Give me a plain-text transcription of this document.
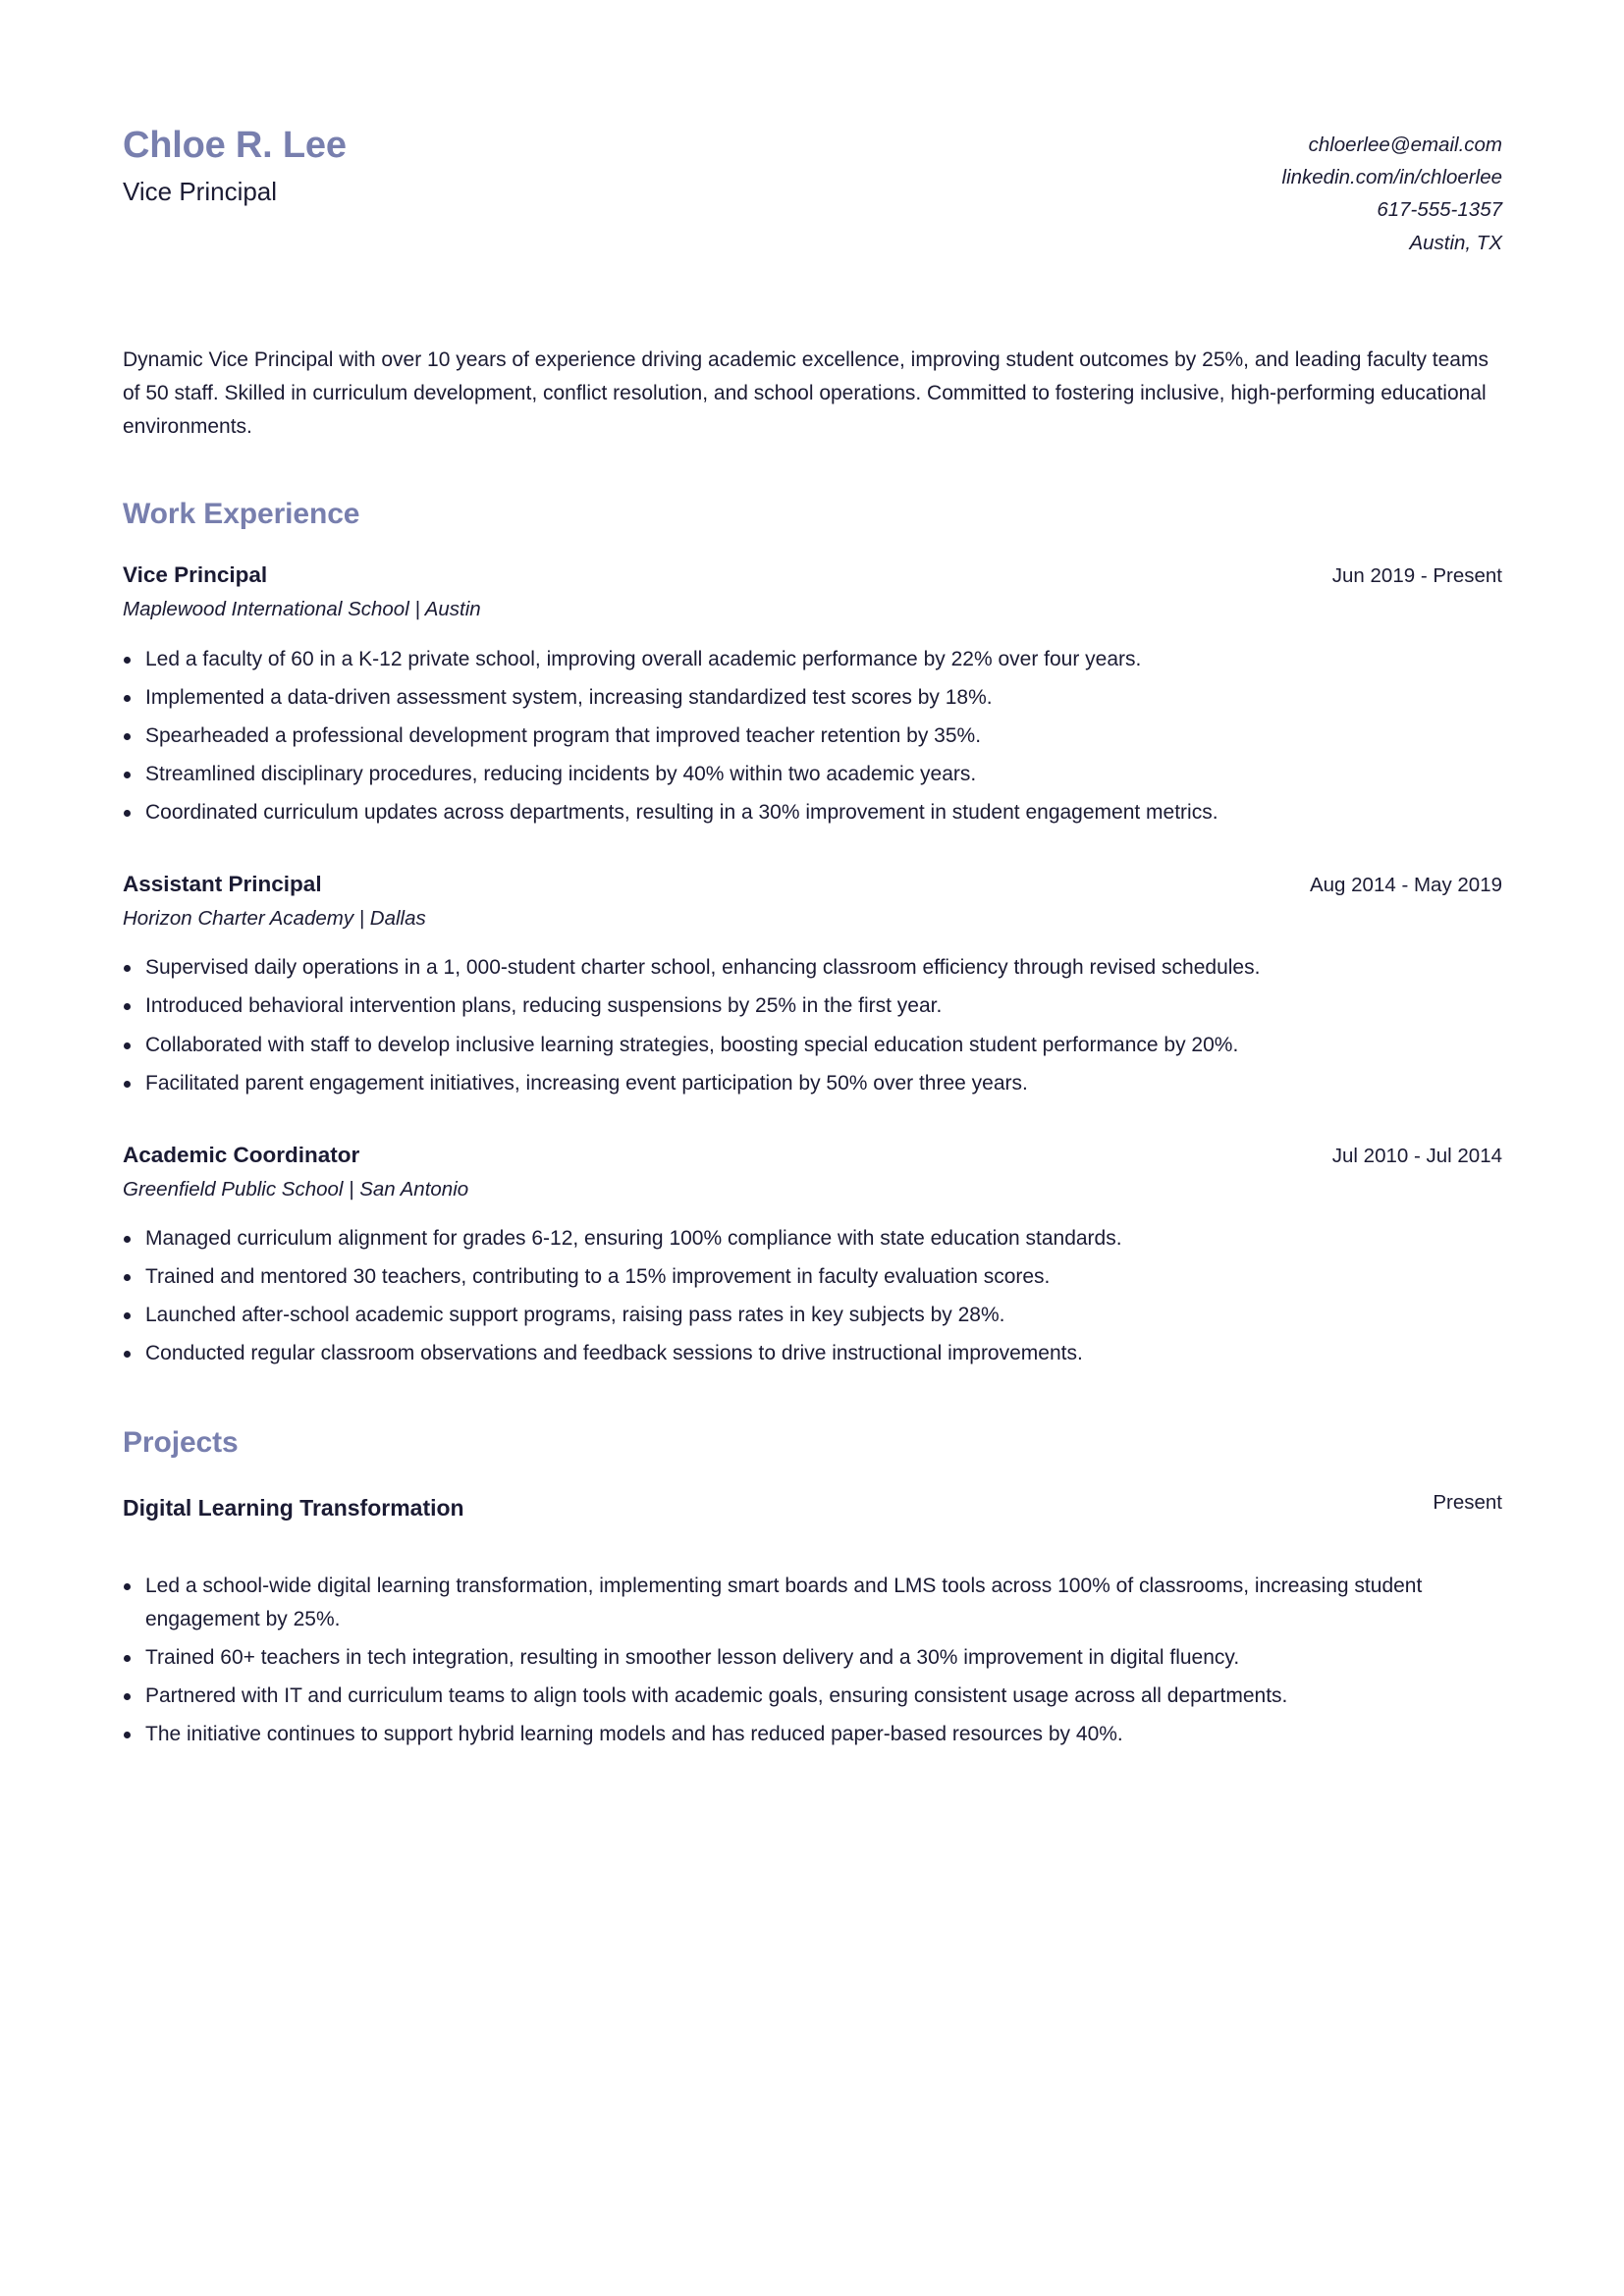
Chloe R. Lee
Vice Principal
chloerlee@email.com
linkedin.com/in/chloerlee
617-555-1357
Austin, TX

Dynamic Vice Principal with over 10 years of experience driving academic excellence, improving student outcomes by 25%, and leading faculty teams of 50 staff. Skilled in curriculum development, conflict resolution, and school operations. Committed to fostering inclusive, high-performing educational environments.

Work Experience
Vice Principal	Jun 2019 - Present
Maplewood International School | Austin
Led a faculty of 60 in a K-12 private school, improving overall academic performance by 22% over four years.
Implemented a data-driven assessment system, increasing standardized test scores by 18%.
Spearheaded a professional development program that improved teacher retention by 35%.
Streamlined disciplinary procedures, reducing incidents by 40% within two academic years.
Coordinated curriculum updates across departments, resulting in a 30% improvement in student engagement metrics.
Assistant Principal	Aug 2014 - May 2019
Horizon Charter Academy | Dallas
Supervised daily operations in a 1, 000-student charter school, enhancing classroom efficiency through revised schedules.
Introduced behavioral intervention plans, reducing suspensions by 25% in the first year.
Collaborated with staff to develop inclusive learning strategies, boosting special education student performance by 20%.
Facilitated parent engagement initiatives, increasing event participation by 50% over three years.
Academic Coordinator	Jul 2010 - Jul 2014
Greenfield Public School | San Antonio
Managed curriculum alignment for grades 6-12, ensuring 100% compliance with state education standards.
Trained and mentored 30 teachers, contributing to a 15% improvement in faculty evaluation scores.
Launched after-school academic support programs, raising pass rates in key subjects by 28%.
Conducted regular classroom observations and feedback sessions to drive instructional improvements.
Projects
Digital Learning Transformation	Present
Led a school-wide digital learning transformation, implementing smart boards and LMS tools across 100% of classrooms, increasing student engagement by 25%.
Trained 60+ teachers in tech integration, resulting in smoother lesson delivery and a 30% improvement in digital fluency.
Partnered with IT and curriculum teams to align tools with academic goals, ensuring consistent usage across all departments.
The initiative continues to support hybrid learning models and has reduced paper-based resources by 40%.
